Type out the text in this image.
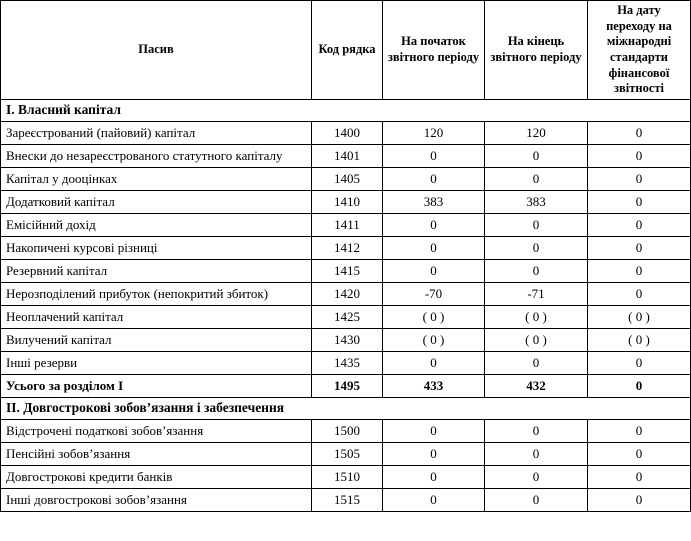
Пасив	Код рядка	На початок звітного періоду	На кінець звітного періоду	На дату переходу на міжнародні стандарти фінансової звітності
I. Власний капітал				
Зареєстрований (пайовий) капітал	1400	120	120	0
Внески до незареєстрованого статутного капіталу	1401	0	0	0
Капітал у дооцінках	1405	0	0	0
Додатковий капітал	1410	383	383	0
Емісійний дохід	1411	0	0	0
Накопичені курсові різниці	1412	0	0	0
Резервний капітал	1415	0	0	0
Нерозподілений прибуток (непокритий збиток)	1420	-70	-71	0
Неоплачений капітал	1425	( 0 )	( 0 )	( 0 )
Вилучений капітал	1430	( 0 )	( 0 )	( 0 )
Інші резерви	1435	0	0	0
Усього за розділом I	1495	433	432	0
II. Довгострокові зобов’язання і забезпечення				
Відстрочені податкові зобов’язання	1500	0	0	0
Пенсійні зобов’язання	1505	0	0	0
Довгострокові кредити банків	1510	0	0	0
Інші довгострокові зобов’язання	1515	0	0	0
